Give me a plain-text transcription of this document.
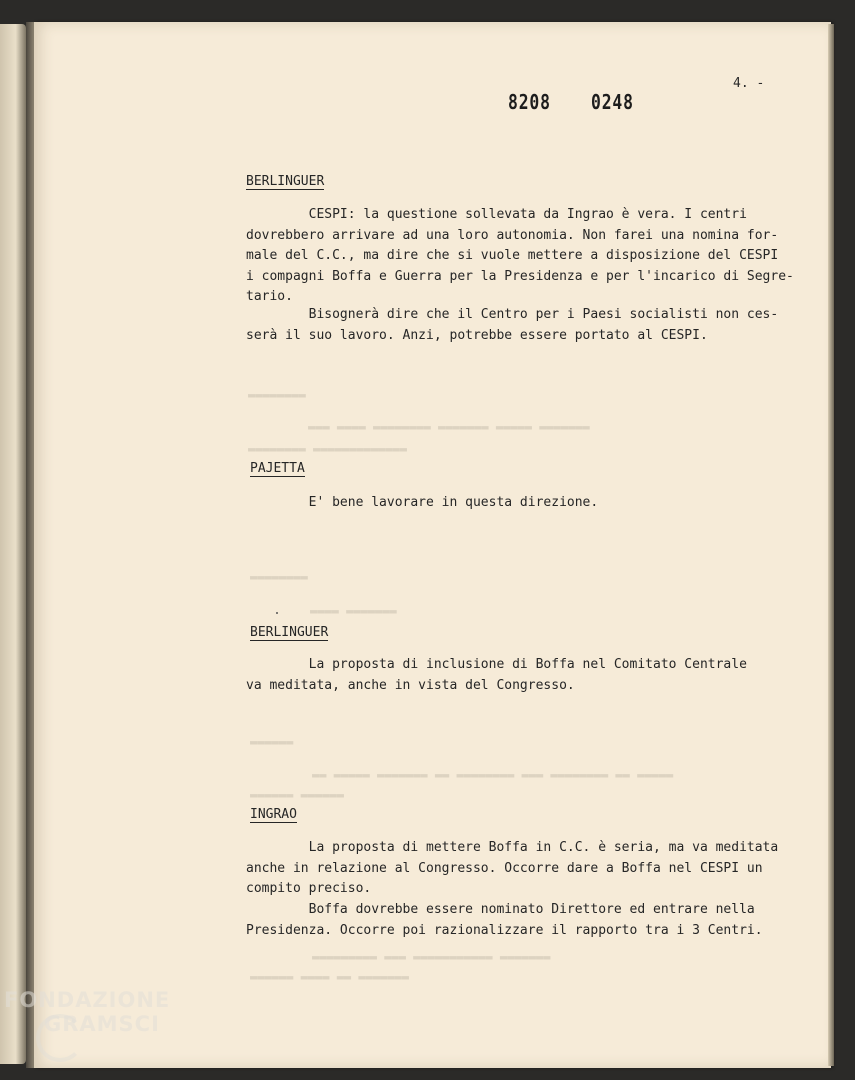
4. -
8208 0248
BERLINGUER
CESPI: la questione sollevata da Ingrao è vera. I centri
dovrebbero arrivare ad una loro autonomia. Non farei una nomina for-
male del C.C., ma dire che si vuole mettere a disposizione del CESPI
i compagni Boffa e Guerra per la Presidenza e per l'incarico di Segre-
tario.
Bisognerà dire che il Centro per i Paesi socialisti non ces-
serà il suo lavoro. Anzi, potrebbe essere portato al CESPI.
▬▬▬▬▬▬▬▬
▬▬▬ ▬▬▬▬ ▬▬▬▬▬▬▬▬ ▬▬▬▬▬▬▬ ▬▬▬▬▬ ▬▬▬▬▬▬▬
▬▬▬▬▬▬▬▬ ▬▬▬▬▬▬▬▬▬▬▬▬▬
PAJETTA
E' bene lavorare in questa direzione.
▬▬▬▬▬▬▬▬
▬▬▬▬ ▬▬▬▬▬▬▬
BERLINGUER
La proposta di inclusione di Boffa nel Comitato Centrale
va meditata, anche in vista del Congresso.
▬▬▬▬▬▬
▬▬ ▬▬▬▬▬ ▬▬▬▬▬▬▬ ▬▬ ▬▬▬▬▬▬▬▬ ▬▬▬ ▬▬▬▬▬▬▬▬ ▬▬ ▬▬▬▬▬
▬▬▬▬▬▬ ▬▬▬▬▬▬
INGRAO
La proposta di mettere Boffa in C.C. è seria, ma va meditata
anche in relazione al Congresso. Occorre dare a Boffa nel CESPI un
compito preciso.
Boffa dovrebbe essere nominato Direttore ed entrare nella
Presidenza. Occorre poi razionalizzare il rapporto tra i 3 Centri.
▬▬▬▬▬▬▬▬▬ ▬▬▬ ▬▬▬▬▬▬▬▬▬▬▬ ▬▬▬▬▬▬▬
▬▬▬▬▬▬ ▬▬▬▬ ▬▬ ▬▬▬▬▬▬▬
FONDAZIONE
GRAMSCI
